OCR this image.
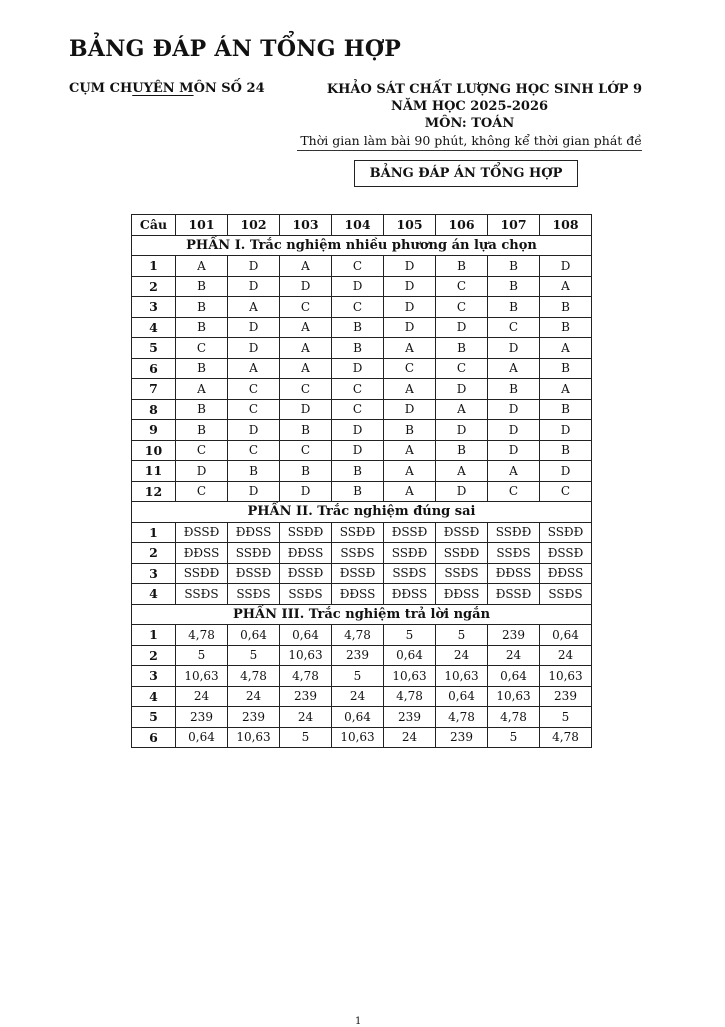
BẢNG ĐÁP ÁN TỔNG HỢP
CỤM CHUYÊN MÔN SỐ 24	KHẢO SÁT CHẤT LƯỢNG HỌC SINH LỚP 9
NĂM HỌC 2025-2026
MÔN: TOÁN
Thời gian làm bài 90 phút, không kể thời gian phát đề
BẢNG ĐÁP ÁN TỔNG HỢP
Câu	101	102	103	104	105	106	107	108
PHẦN I. Trắc nghiệm nhiều phương án lựa chọn								
1	A	D	A	C	D	B	B	D
2	B	D	D	D	D	C	B	A
3	B	A	C	C	D	C	B	B
4	B	D	A	B	D	D	C	B
5	C	D	A	B	A	B	D	A
6	B	A	A	D	C	C	A	B
7	A	C	C	C	A	D	B	A
8	B	C	D	C	D	A	D	B
9	B	D	B	D	B	D	D	D
10	C	C	C	D	A	B	D	B
11	D	B	B	B	A	A	A	D
12	C	D	D	B	A	D	C	C
PHẦN II. Trắc nghiệm đúng sai								
1	ĐSSĐ	ĐĐSS	SSĐĐ	SSĐĐ	ĐSSĐ	ĐSSĐ	SSĐĐ	SSĐĐ
2	ĐĐSS	SSĐĐ	ĐĐSS	SSĐS	SSĐĐ	SSĐĐ	SSĐS	ĐSSĐ
3	SSĐĐ	ĐSSĐ	ĐSSĐ	ĐSSĐ	SSĐS	SSĐS	ĐĐSS	ĐĐSS
4	SSĐS	SSĐS	SSĐS	ĐĐSS	ĐĐSS	ĐĐSS	ĐSSĐ	SSĐS
PHẦN III. Trắc nghiệm trả lời ngắn								
1	4,78	0,64	0,64	4,78	5	5	239	0,64
2	5	5	10,63	239	0,64	24	24	24
3	10,63	4,78	4,78	5	10,63	10,63	0,64	10,63
4	24	24	239	24	4,78	0,64	10,63	239
5	239	239	24	0,64	239	4,78	4,78	5
6	0,64	10,63	5	10,63	24	239	5	4,78
1
